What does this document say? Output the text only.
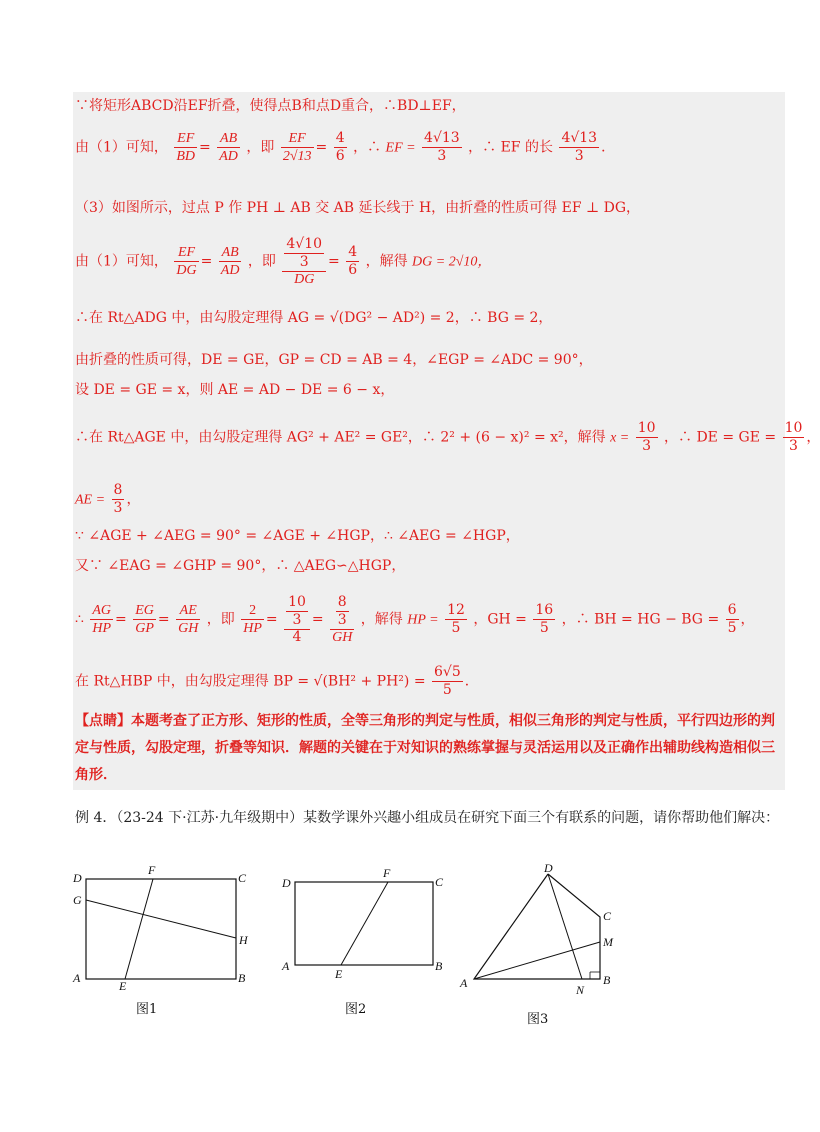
∵将矩形ABCD沿EF折叠，使得点B和点D重合，∴BD⊥EF，
由（1）可知， $\frac{EF}{BD} = \frac{AB}{AD}$ ，即 $\frac{EF}{2√13} = \frac{4}{6}$ ，∴ EF = $\frac{4√13}{3}$ ，∴ EF 的长 $\frac{4√13}{3}$ ．
（3）如图所示，过点 P 作 PH ⊥ AB 交 AB 延长线于 H，由折叠的性质可得 EF ⊥ DG，
由（1）可知， $\frac{EF}{DG} = \frac{AB}{AD}$ ，即 $\frac{\frac{4√10}{3}}{DG} = \frac{4}{6}$ ，解得 DG = 2√10，
∴在 Rt△ADG 中，由勾股定理得 AG = √(DG² − AD²) = 2，∴ BG = 2，
由折叠的性质可得，DE = GE，GP = CD = AB = 4，∠EGP = ∠ADC = 90°，
设 DE = GE = x，则 AE = AD − DE = 6 − x，
∴在 Rt△AGE 中，由勾股定理得 AG² + AE² = GE²，∴ 2² + (6 − x)² = x²，解得 $x = \frac{10}{3}$ ，∴ DE = GE = $\frac{10}{3}$ ，
AE = $\frac{8}{3}$ ，
∵ ∠AGE + ∠AEG = 90° = ∠AGE + ∠HGP，∴ ∠AEG = ∠HGP，
又∵ ∠EAG = ∠GHP = 90°，∴ △AEG∽△HGP，
∴ $\frac{AG}{HP} = \frac{EG}{GP} = \frac{AE}{GH}$ ，即 $\frac{2}{HP} = \frac{\frac{10}{3}}{4} = \frac{\frac{8}{3}}{GH}$ ，解得 HP = $\frac{12}{5}$ ，GH = $\frac{16}{5}$ ，∴ BH = HG − BG = $\frac{6}{5}$ ，
在 Rt△HBP 中，由勾股定理得 BP = $√(BH^2 + PH^2) = \frac{6√5}{5}$ ．
【点睛】本题考查了正方形、矩形的性质，全等三角形的判定与性质，相似三角形的判定与性质，平行四边形的判定与性质，勾股定理，折叠等知识．解题的关键在于对知识的熟练掌握与灵活运用以及正确作出辅助线构造相似三角形．
例 4．（23-24 下·江苏·九年级期中）某数学课外兴趣小组成员在研究下面三个有联系的问题，请你帮助他们解决：
D
F
C
G
H
A
E
B
图1
D
F
C
A
E
B
图2
D
C
M
A	N
B
图3
